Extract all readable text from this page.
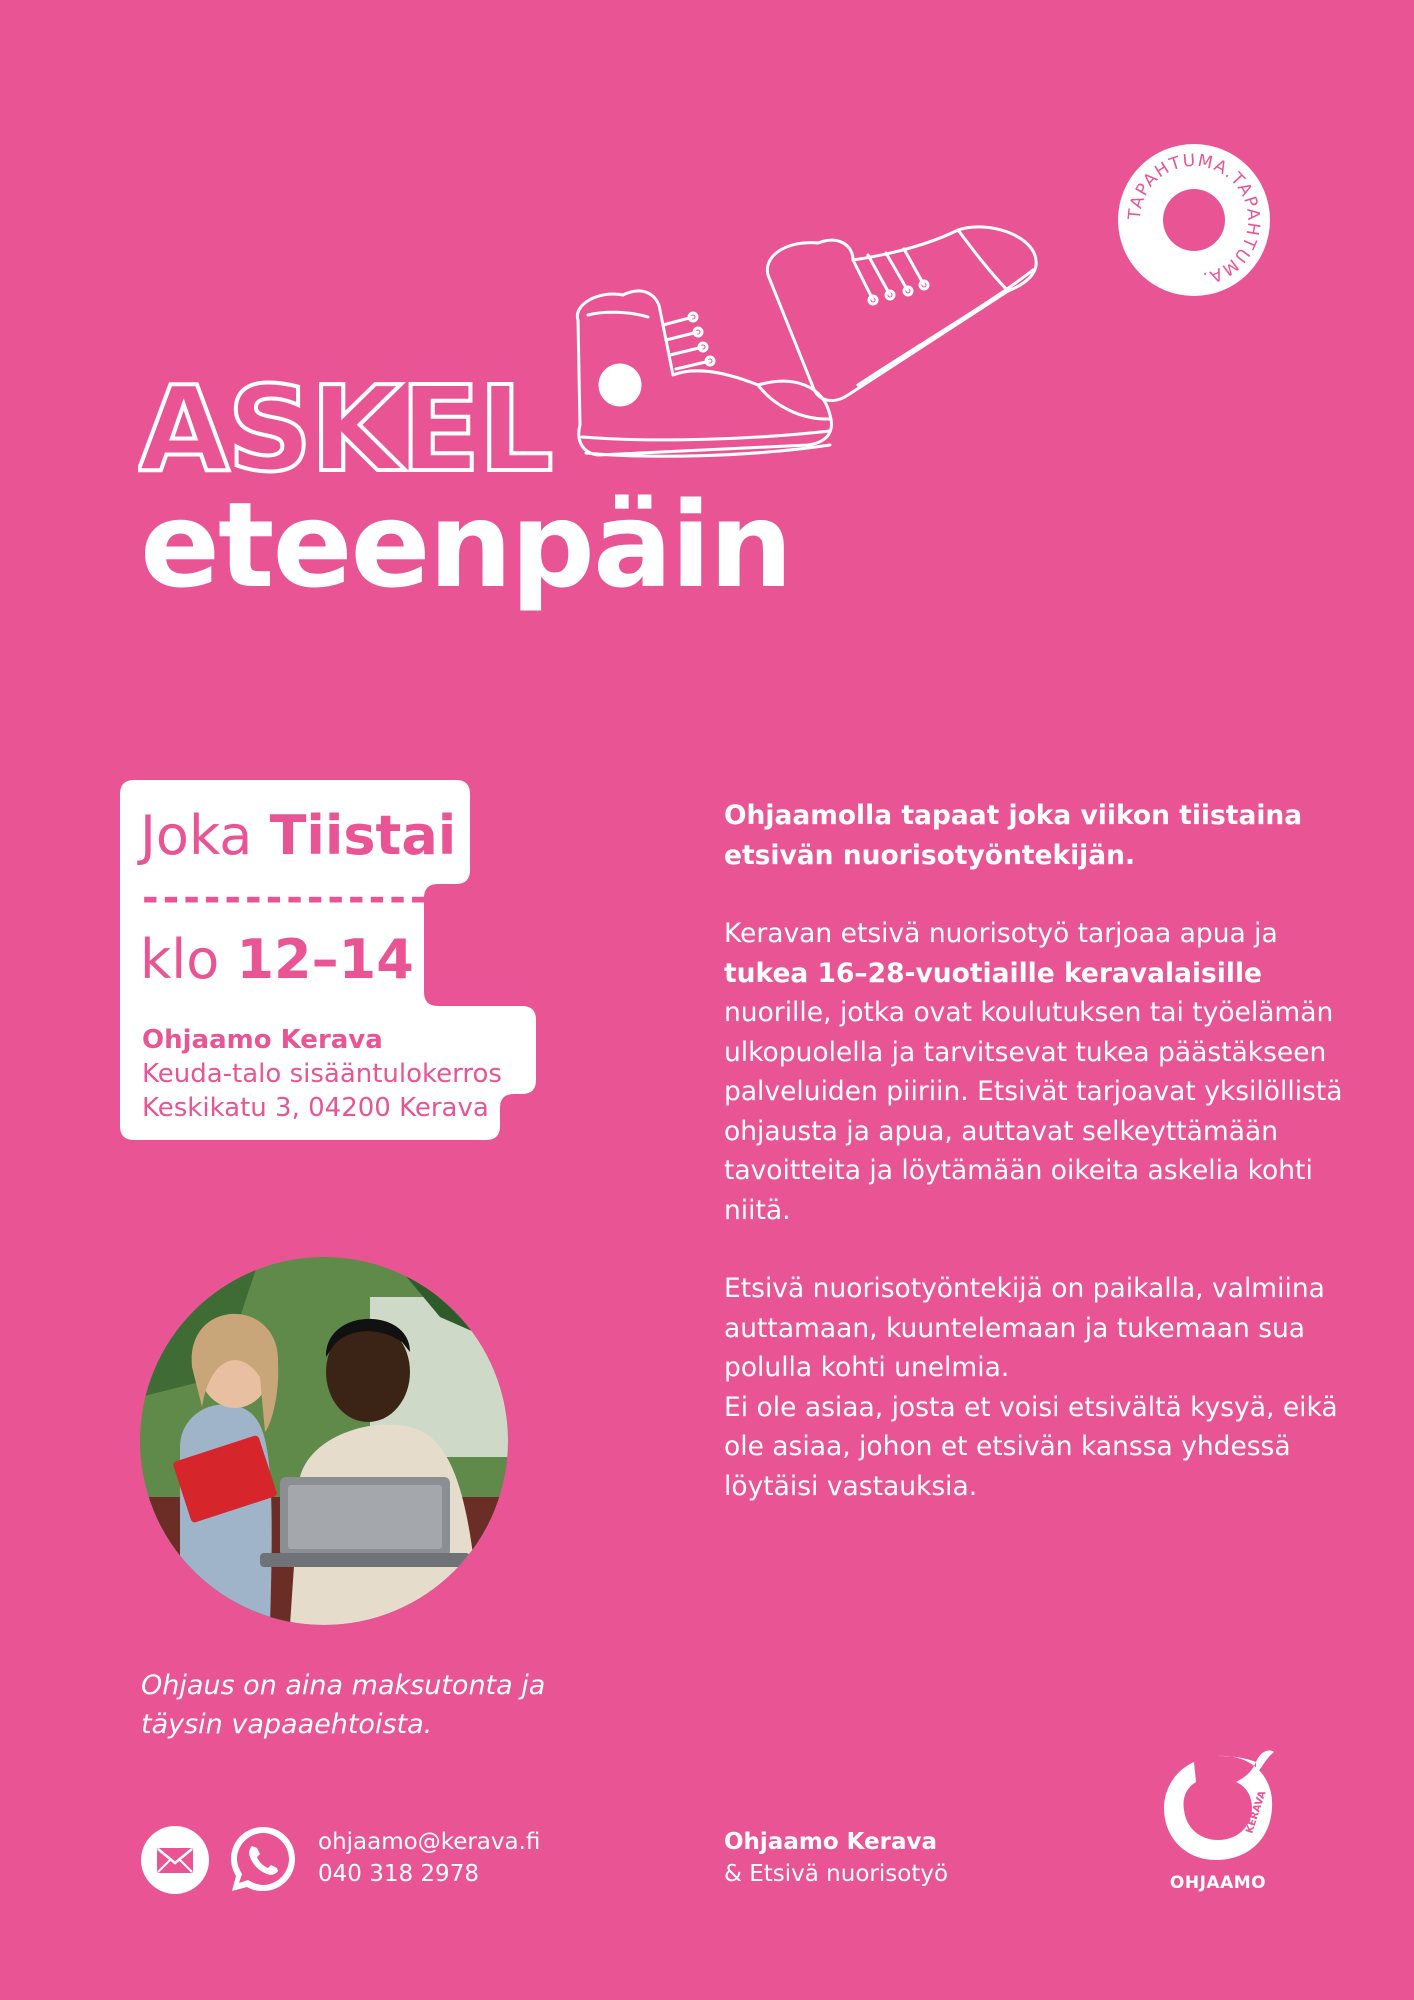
TAPAHTUMA.TAPAHTUMA.
ASKEL
eteenpäin
Joka Tiistai
--------------
klo 12–14
Ohjaamo Kerava
Keuda-talo sisääntulokerros
Keskikatu 3, 04200 Kerava
Ohjaus on aina maksutonta ja
täysin vapaaehtoista.

Ohjaamolla tapaat joka viikon tiistaina etsivän nuorisotyöntekijän.

Keravan etsivä nuorisotyö tarjoaa apua ja tukea 16–28-vuotiaille keravalaisille nuorille, jotka ovat koulutuksen tai työelämän ulkopuolella ja tarvitsevat tukea päästäkseen palveluiden piiriin. Etsivät tarjoavat yksilöllistä ohjausta ja apua, auttavat selkeyttämään tavoitteita ja löytämään oikeita askelia kohti niitä.

Etsivä nuorisotyöntekijä on paikalla, valmiina auttamaan, kuuntelemaan ja tukemaan sua polulla kohti unelmia.
Ei ole asiaa, josta et voisi etsivältä kysyä, eikä ole asiaa, johon et etsivän kanssa yhdessä löytäisi vastauksia.

ohjaamo@kerava.fi
040 318 2978
Ohjaamo Kerava
& Etsivä nuorisotyö
KERAVA
OHJAAMO
